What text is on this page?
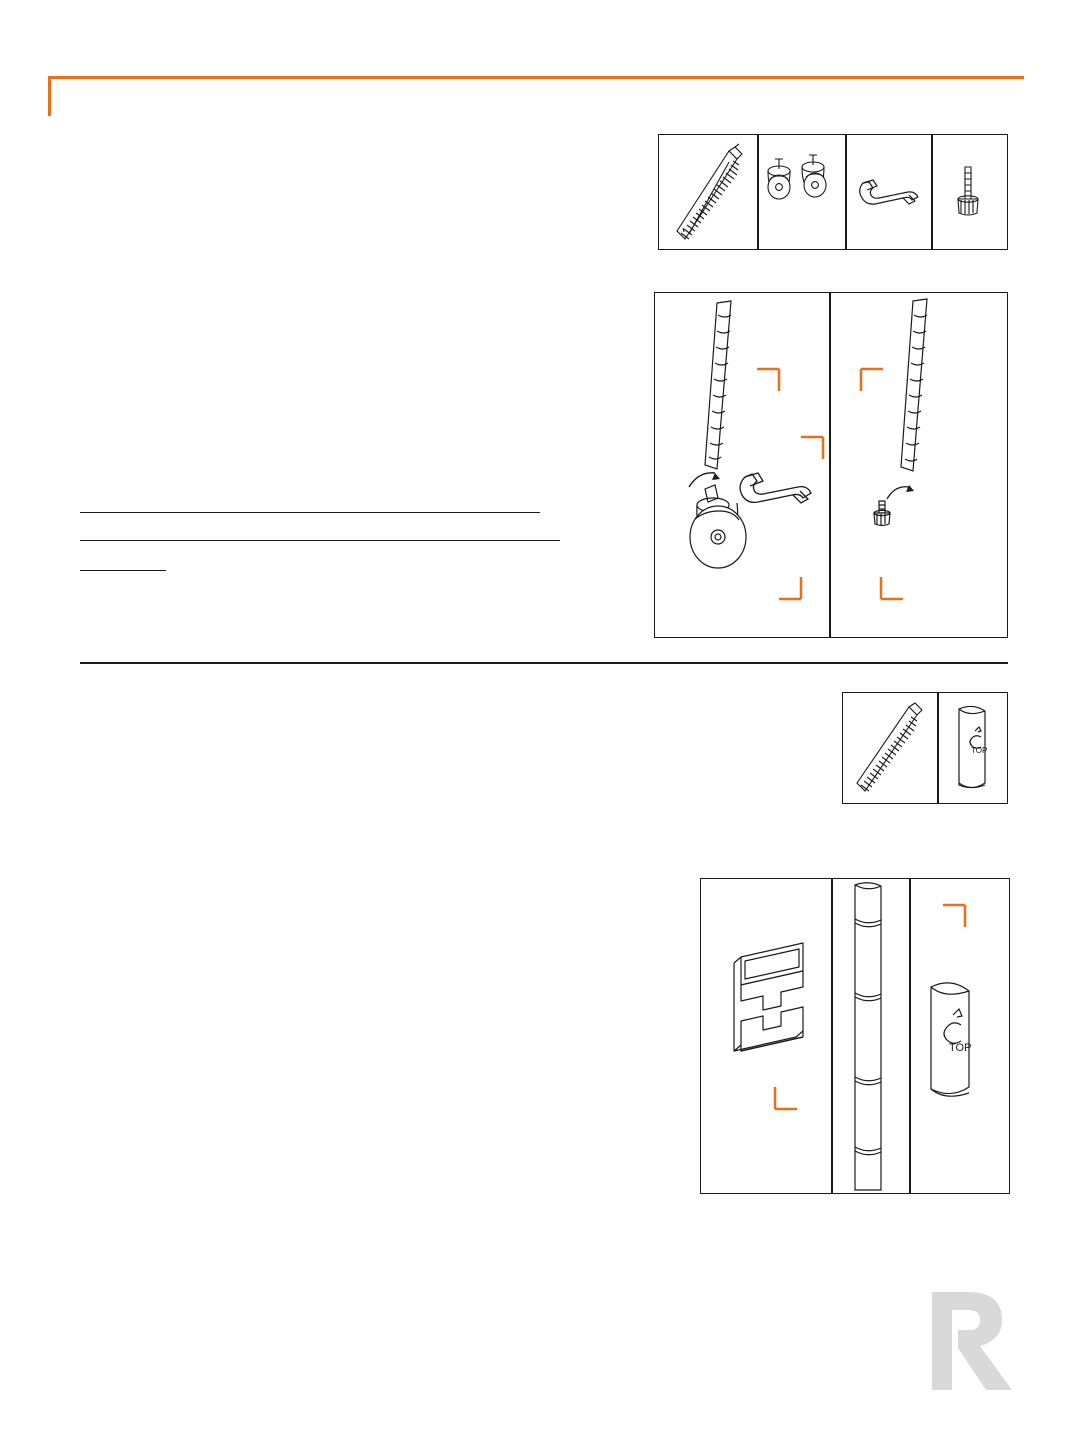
TOP
TOP
